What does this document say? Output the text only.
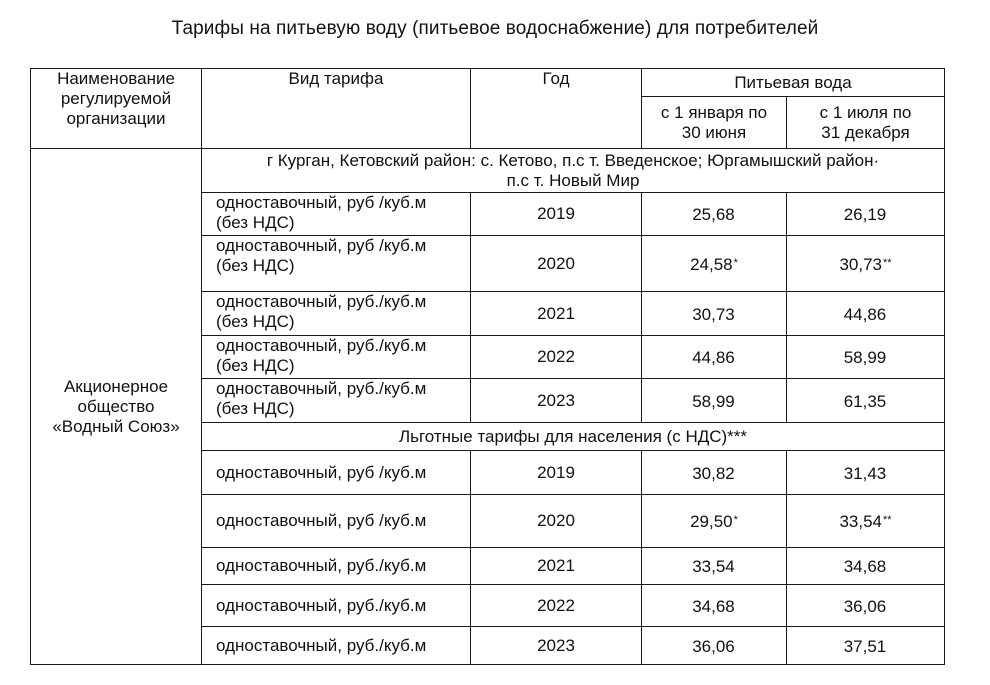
Тарифы на питьевую воду (питьевое водоснабжение) для потребителей
Наименование
регулируемой
организации	Вид тарифа	Год	Питьевая вода	

			с 1 января по
30 июня	с 1 июля по
31 декабря

Акционерное
общество
«Водный Союз»	г Курган, Кетовский район: с. Кетово, п.с т. Введенское; Юргамышский район·
п.с т. Новый Мир			

	одноставочный, руб /куб.м
(без НДС)	2019	25,68	26,19

	одноставочный, руб /куб.м
(без НДС)	2020	24,58*	30,73**

	одноставочный, руб./куб.м
(без НДС)	2021	30,73	44,86

	одноставочный, руб./куб.м
(без НДС)	2022	44,86	58,99

	одноставочный, руб./куб.м
(без НДС)	2023	58,99	61,35

	Льготные тарифы для населения (с НДС)***			

	одноставочный, руб /куб.м	2019	30,82	31,43

	одноставочный, руб /куб.м	2020	29,50*	33,54**

	одноставочный, руб./куб.м	2021	33,54	34,68

	одноставочный, руб./куб.м	2022	34,68	36,06

	одноставочный, руб./куб.м	2023	36,06	37,51
